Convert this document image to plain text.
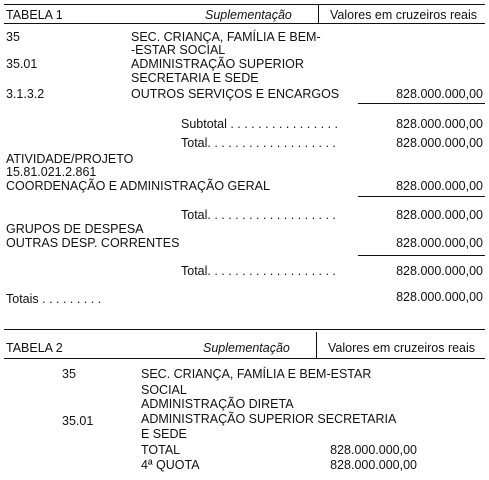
TABELA 1	Suplementação	Valores em cruzeiros reais
35	SEC. CRIANÇA, FAMÍLIA E BEM-
-ESTAR SOCIAL
35.01	ADMINISTRAÇÃO SUPERIOR
SECRETARIA E SEDE
3.1.3.2	OUTROS SERVIÇOS E ENCARGOS	828.000.000,00
Subtotal . . . . . . . . . . . . . . . .	828.000.000,00
Total. . . . . . . . . . . . . . . . . . .	828.000.000,00
ATIVIDADE/PROJETO
15.81.021.2.861
COORDENAÇÃO E ADMINISTRAÇÃO GERAL	828.000.000,00
Total. . . . . . . . . . . . . . . . . . .	828.000.000,00
GRUPOS DE DESPESA
OUTRAS DESP. CORRENTES	828.000.000,00
Total. . . . . . . . . . . . . . . . . . .	828.000.000,00
Totais . . . . . . . . .	828.000.000,00
TABELA 2	Suplementação	Valores em cruzeiros reais
35	SEC. CRIANÇA, FAMÍLIA E BEM-ESTAR
SOCIAL
ADMINISTRAÇÃO DIRETA
35.01	ADMINISTRAÇÃO SUPERIOR SECRETARIA
E SEDE
TOTAL	828.000.000,00
4ª QUOTA	828.000.000,00
